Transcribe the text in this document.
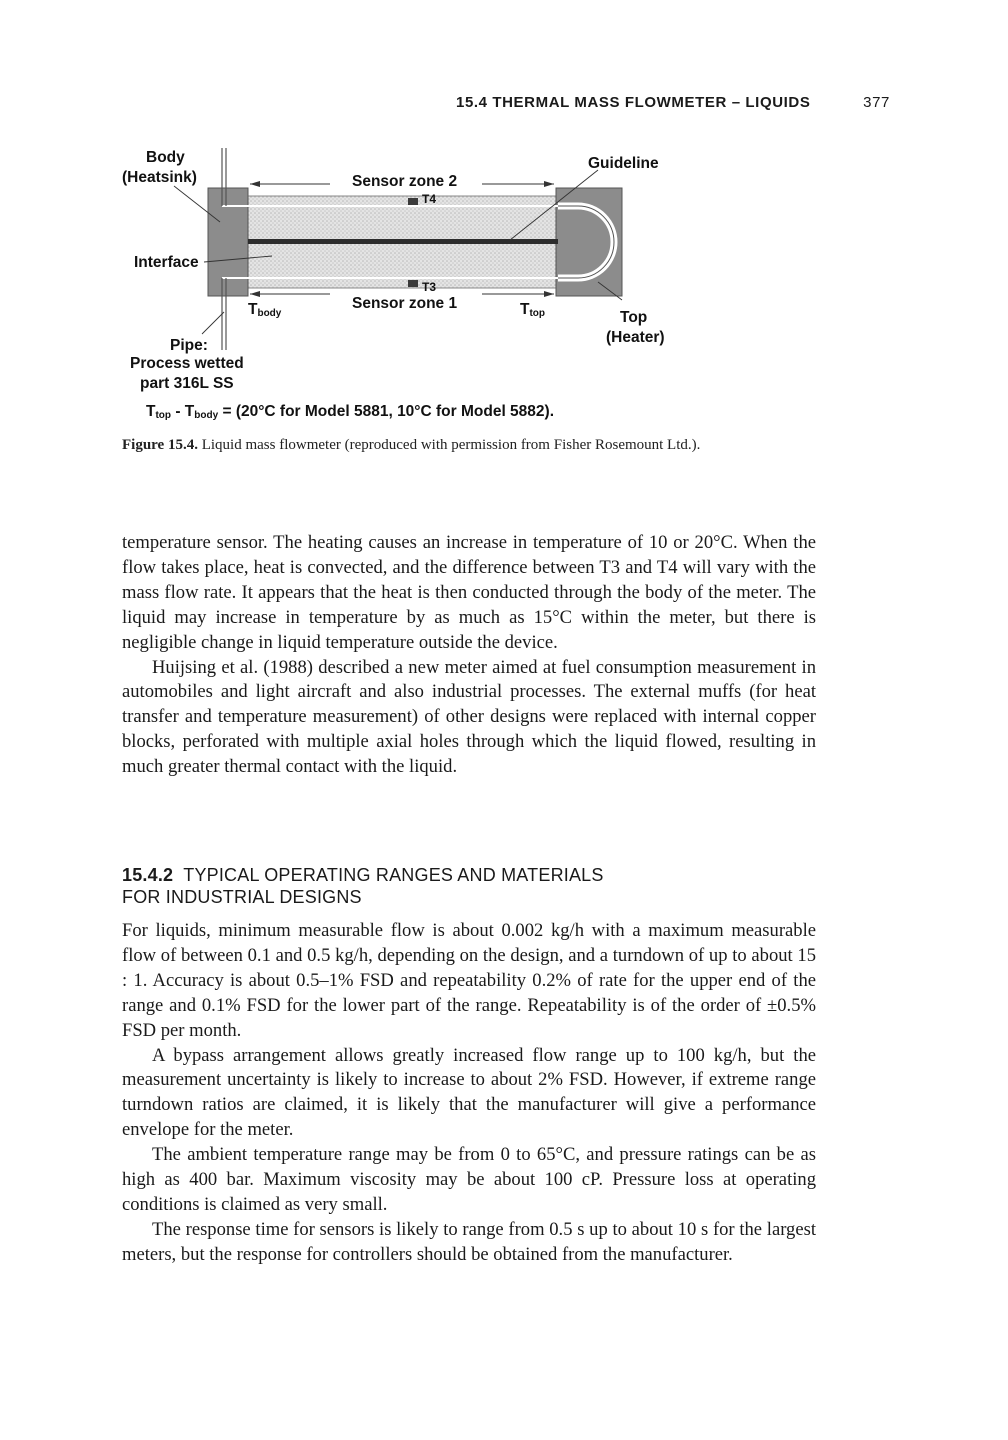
15.4 THERMAL MASS FLOWMETER – LIQUIDS	377
Body
(Heatsink)
Interface
Sensor zone 2
T4
T3
Sensor zone 1
$T_{body}$	$T_{top}$
Guideline
Top
(Heater)
Pipe:
Process wetted
part 316L SS
$T_{top} - T_{body} = (20^\circ C$ for Model 5881, 10°C for Model 5882).
Figure 15.4. Liquid mass flowmeter (reproduced with permission from Fisher Rosemount Ltd.).

temperature sensor. The heating causes an increase in temperature of 10 or 20°C. When the flow takes place, heat is convected, and the difference between T3 and T4 will vary with the mass flow rate. It appears that the heat is then conducted through the body of the meter. The liquid may increase in temperature by as much as 15°C within the meter, but there is negligible change in liquid temperature outside the device.

Huijsing et al. (1988) described a new meter aimed at fuel consumption measurement in automobiles and light aircraft and also industrial processes. The external muffs (for heat transfer and temperature measurement) of other designs were replaced with internal copper blocks, perforated with multiple axial holes through which the liquid flowed, resulting in much greater thermal contact with the liquid.

15.4.2 TYPICAL OPERATING RANGES AND MATERIALS
FOR INDUSTRIAL DESIGNS

For liquids, minimum measurable flow is about 0.002 kg/h with a maximum measurable flow of between 0.1 and 0.5 kg/h, depending on the design, and a turndown of up to about 15 : 1. Accuracy is about 0.5–1% FSD and repeatability 0.2% of rate for the upper end of the range and 0.1% FSD for the lower part of the range. Repeatability is of the order of ±0.5% FSD per month.

A bypass arrangement allows greatly increased flow range up to 100 kg/h, but the measurement uncertainty is likely to increase to about 2% FSD. However, if extreme range turndown ratios are claimed, it is likely that the manufacturer will give a performance envelope for the meter.

The ambient temperature range may be from 0 to 65°C, and pressure ratings can be as high as 400 bar. Maximum viscosity may be about 100 cP. Pressure loss at operating conditions is claimed as very small.

The response time for sensors is likely to range from 0.5 s up to about 10 s for the largest meters, but the response for controllers should be obtained from the manufacturer.
